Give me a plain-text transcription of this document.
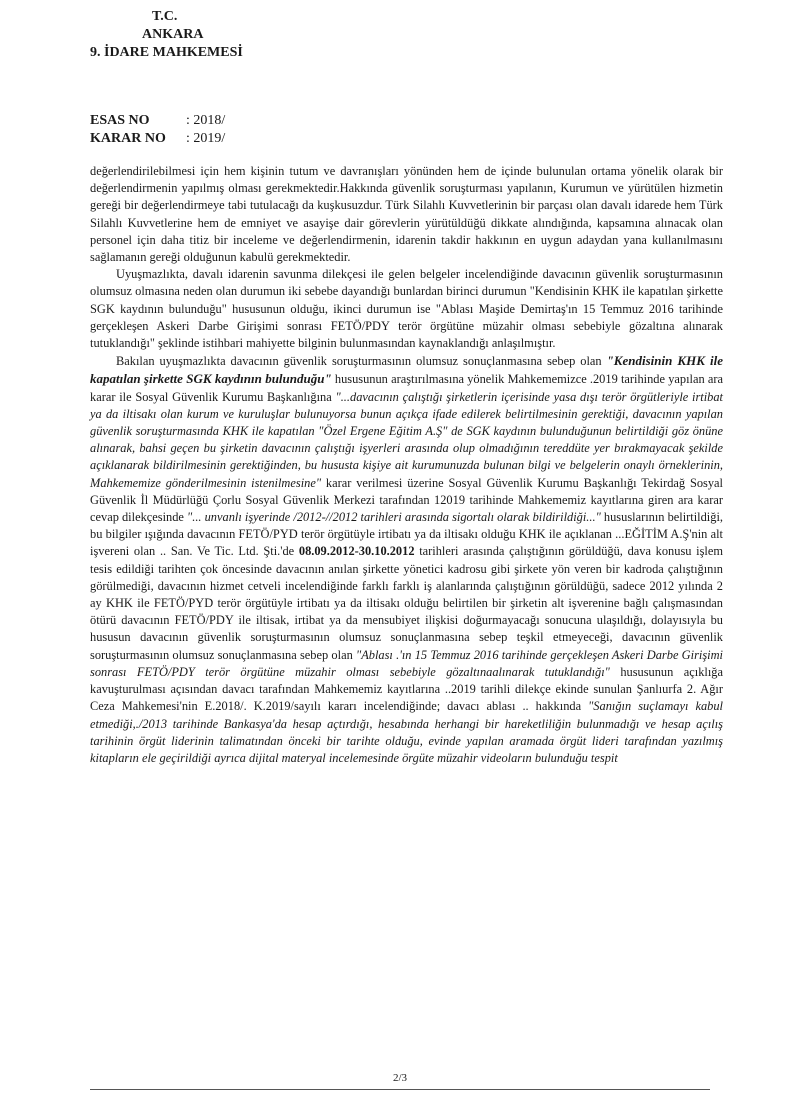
T.C.
ANKARA
9. İDARE MAHKEMESİ
ESAS NO	: 2018/
KARAR NO	: 2019/

değerlendirilebilmesi için hem kişinin tutum ve davranışları yönünden hem de içinde bulunulan ortama yönelik olarak bir değerlendirmenin yapılmış olması gerekmektedir.Hakkında güvenlik soruşturması yapılanın, Kurumun ve yürütülen hizmetin gereği bir değerlendirmeye tabi tutulacağı da kuşkusuzdur. Türk Silahlı Kuvvetlerinin bir parçası olan davalı idarede hem Türk Silahlı Kuvvetlerine hem de emniyet ve asayişe dair görevlerin yürütüldüğü dikkate alındığında, kapsamına alınacak olan personel için daha titiz bir inceleme ve değerlendirmenin, idarenin takdir hakkının en uygun adaydan yana kullanılmasını sağlamanın gereği olduğunun kabulü gerekmektedir.

Uyuşmazlıkta, davalı idarenin savunma dilekçesi ile gelen belgeler incelendiğinde davacının güvenlik soruşturmasının olumsuz olmasına neden olan durumun iki sebebe dayandığı bunlardan birinci durumun "Kendisinin KHK ile kapatılan şirkette SGK kaydının bulunduğu" hususunun olduğu, ikinci durumun ise "Ablası Maşide Demirtaş'ın 15 Temmuz 2016 tarihinde gerçekleşen Askeri Darbe Girişimi sonrası FETÖ/PDY terör örgütüne müzahir olması sebebiyle gözaltına alınarak tutuklandığı" şeklinde istihbari mahiyette bilginin bulunmasından kaynaklandığı anlaşılmıştır.

Bakılan uyuşmazlıkta davacının güvenlik soruşturmasının olumsuz sonuçlanmasına sebep olan "Kendisinin KHK ile kapatılan şirkette SGK kaydının bulunduğu" hususunun araştırılmasına yönelik Mahkememizce .2019 tarihinde yapılan ara karar ile Sosyal Güvenlik Kurumu Başkanlığına "...davacının çalıştığı şirketlerin içerisinde yasa dışı terör örgütleriyle irtibat ya da iltisakı olan kurum ve kuruluşlar bulunuyorsa bunun açıkça ifade edilerek belirtilmesinin gerektiği, davacının yapılan güvenlik soruşturmasında KHK ile kapatılan "Özel Ergene Eğitim A.Ş" de SGK kaydının bulunduğunun belirtildiği göz önüne alınarak, bahsi geçen bu şirketin davacının çalıştığı işyerleri arasında olup olmadığının tereddüte yer bırakmayacak şekilde açıklanarak bildirilmesinin gerektiğinden, bu hususta kişiye ait kurumunuzda bulunan bilgi ve belgelerin onaylı örneklerinin, Mahkememize gönderilmesinin istenilmesine" karar verilmesi üzerine Sosyal Güvenlik Kurumu Başkanlığı Tekirdağ Sosyal Güvenlik İl Müdürlüğü Çorlu Sosyal Güvenlik Merkezi tarafından 12019 tarihinde Mahkememiz kayıtlarına giren ara karar cevap dilekçesinde "... unvanlı işyerinde /2012-//2012 tarihleri arasında sigortalı olarak bildirildiği..." hususlarının belirtildiği, bu bilgiler ışığında davacının FETÖ/PYD terör örgütüyle irtibatı ya da iltisakı olduğu KHK ile açıklanan ...EĞİTİM A.Ş'nin alt işvereni olan .. San. Ve Tic. Ltd. Şti.'de 08.09.2012-30.10.2012 tarihleri arasında çalıştığının görüldüğü, dava konusu işlem tesis edildiği tarihten çok öncesinde davacının anılan şirkette yönetici kadrosu gibi şirkete yön veren bir kadroda çalıştığının görülmediği, davacının hizmet cetveli incelendiğinde farklı farklı iş alanlarında çalıştığının görüldüğü, sadece 2012 yılında 2 ay KHK ile FETÖ/PYD terör örgütüyle irtibatı ya da iltisakı olduğu belirtilen bir şirketin alt işverenine bağlı çalışmasından ötürü davacının FETÖ/PDY ile iltisak, irtibat ya da mensubiyet ilişkisi doğurmayacağı sonucuna ulaşıldığı, dolayısıyla bu hususun davacının güvenlik soruşturmasının olumsuz sonuçlanmasına sebep teşkil etmeyeceği, davacının güvenlik soruşturmasının olumsuz sonuçlanmasına sebep olan "Ablası .'ın 15 Temmuz 2016 tarihinde gerçekleşen Askeri Darbe Girişimi sonrası FETÖ/PDY terör örgütüne müzahir olması sebebiyle gözaltınaalınarak tutuklandığı" hususunun açıklığa kavuşturulması açısından davacı tarafından Mahkememiz kayıtlarına ..2019 tarihli dilekçe ekinde sunulan Şanlıurfa 2. Ağır Ceza Mahkemesi'nin E.2018/. K.2019/sayılı kararı incelendiğinde; davacı ablası .. hakkında "Sanığın suçlamayı kabul etmediği,./2013 tarihinde Bankasya'da hesap açtırdığı, hesabında herhangi bir hareketliliğin bulunmadığı ve hesap açılış tarihinin örgüt liderinin talimatından önceki bir tarihte olduğu, evinde yapılan aramada örgüt lideri tarafından yazılmış kitapların ele geçirildiği ayrıca dijital materyal incelemesinde örgüte müzahir videoların bulunduğu tespit

2/3
